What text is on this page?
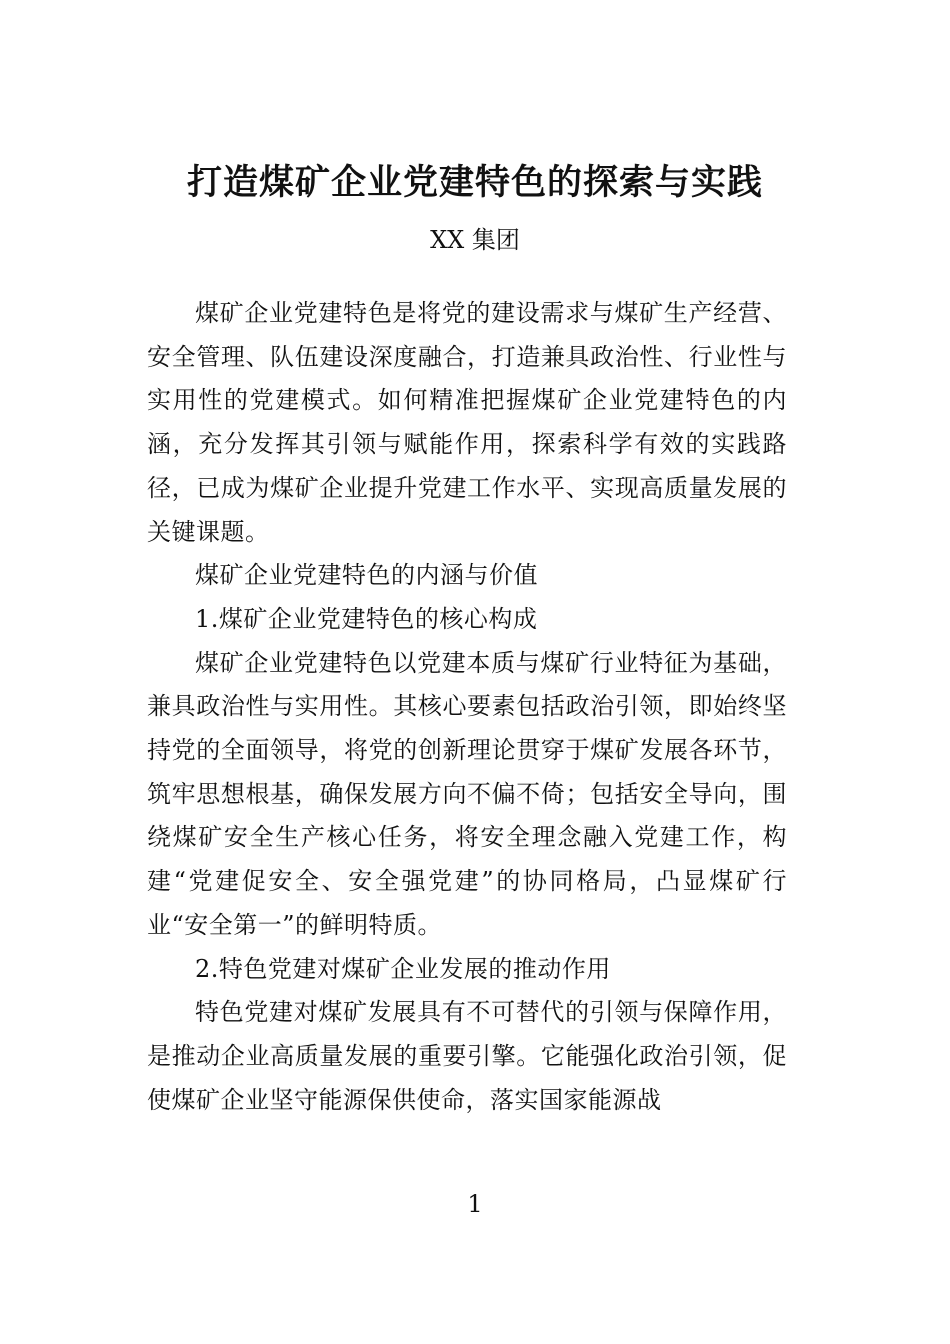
打造煤矿企业党建特色的探索与实践
XX 集团

煤矿企业党建特色是将党的建设需求与煤矿生产经营、安全管理、队伍建设深度融合，打造兼具政治性、行业性与实用性的党建模式。如何精准把握煤矿企业党建特色的内涵，充分发挥其引领与赋能作用，探索科学有效的实践路径，已成为煤矿企业提升党建工作水平、实现高质量发展的关键课题。

煤矿企业党建特色的内涵与价值

1.煤矿企业党建特色的核心构成

煤矿企业党建特色以党建本质与煤矿行业特征为基础，兼具政治性与实用性。其核心要素包括政治引领，即始终坚持党的全面领导，将党的创新理论贯穿于煤矿发展各环节，筑牢思想根基，确保发展方向不偏不倚；包括安全导向，围绕煤矿安全生产核心任务，将安全理念融入党建工作，构建“党建促安全、安全强党建”的协同格局，凸显煤矿行业“安全第一”的鲜明特质。

2.特色党建对煤矿企业发展的推动作用

特色党建对煤矿发展具有不可替代的引领与保障作用，是推动企业高质量发展的重要引擎。它能强化政治引领，促使煤矿企业坚守能源保供使命，落实国家能源战

1
